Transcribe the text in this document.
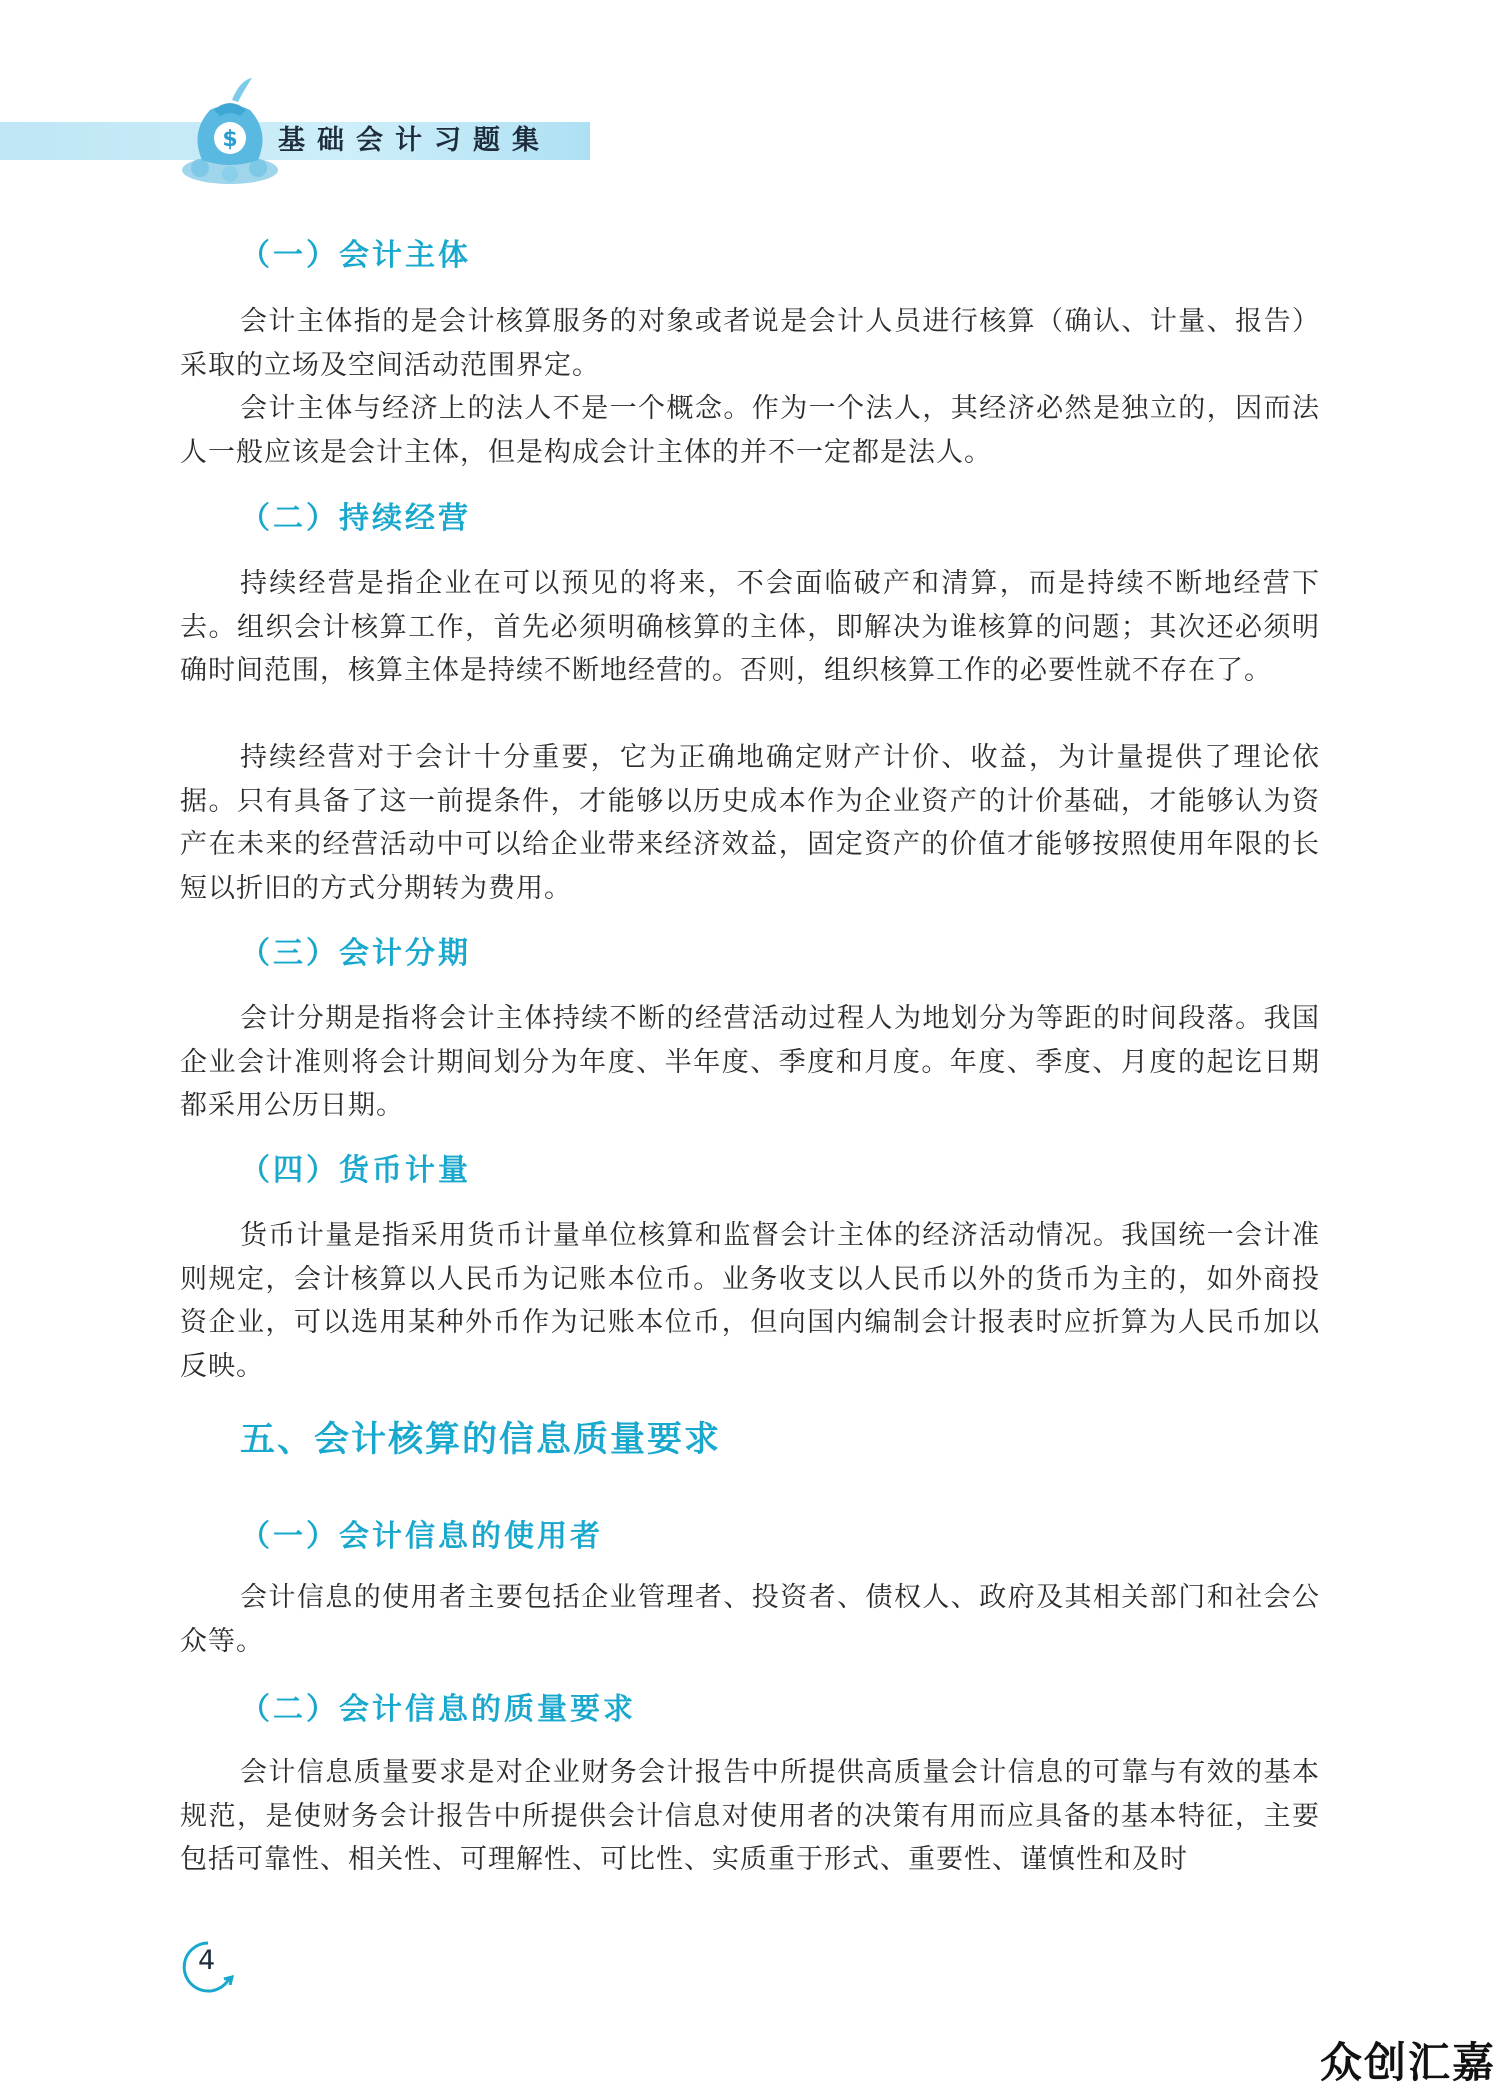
$ 基础会计习题集
（一）会计主体
会计主体指的是会计核算服务的对象或者说是会计人员进行核算（确认、计量、报告）采取的立场及空间活动范围界定。
会计主体与经济上的法人不是一个概念。作为一个法人，其经济必然是独立的，因而法人一般应该是会计主体，但是构成会计主体的并不一定都是法人。
（二）持续经营
持续经营是指企业在可以预见的将来，不会面临破产和清算，而是持续不断地经营下去。组织会计核算工作，首先必须明确核算的主体，即解决为谁核算的问题；其次还必须明确时间范围，核算主体是持续不断地经营的。否则，组织核算工作的必要性就不存在了。
持续经营对于会计十分重要，它为正确地确定财产计价、收益，为计量提供了理论依据。只有具备了这一前提条件，才能够以历史成本作为企业资产的计价基础，才能够认为资产在未来的经营活动中可以给企业带来经济效益，固定资产的价值才能够按照使用年限的长短以折旧的方式分期转为费用。
（三）会计分期
会计分期是指将会计主体持续不断的经营活动过程人为地划分为等距的时间段落。我国企业会计准则将会计期间划分为年度、半年度、季度和月度。年度、季度、月度的起讫日期都采用公历日期。
（四）货币计量
货币计量是指采用货币计量单位核算和监督会计主体的经济活动情况。我国统一会计准则规定，会计核算以人民币为记账本位币。业务收支以人民币以外的货币为主的，如外商投资企业，可以选用某种外币作为记账本位币，但向国内编制会计报表时应折算为人民币加以反映。
五、会计核算的信息质量要求
（一）会计信息的使用者
会计信息的使用者主要包括企业管理者、投资者、债权人、政府及其相关部门和社会公众等。
（二）会计信息的质量要求
会计信息质量要求是对企业财务会计报告中所提供高质量会计信息的可靠与有效的基本规范，是使财务会计报告中所提供会计信息对使用者的决策有用而应具备的基本特征，主要包括可靠性、相关性、可理解性、可比性、实质重于形式、重要性、谨慎性和及时
4
众创汇嘉
